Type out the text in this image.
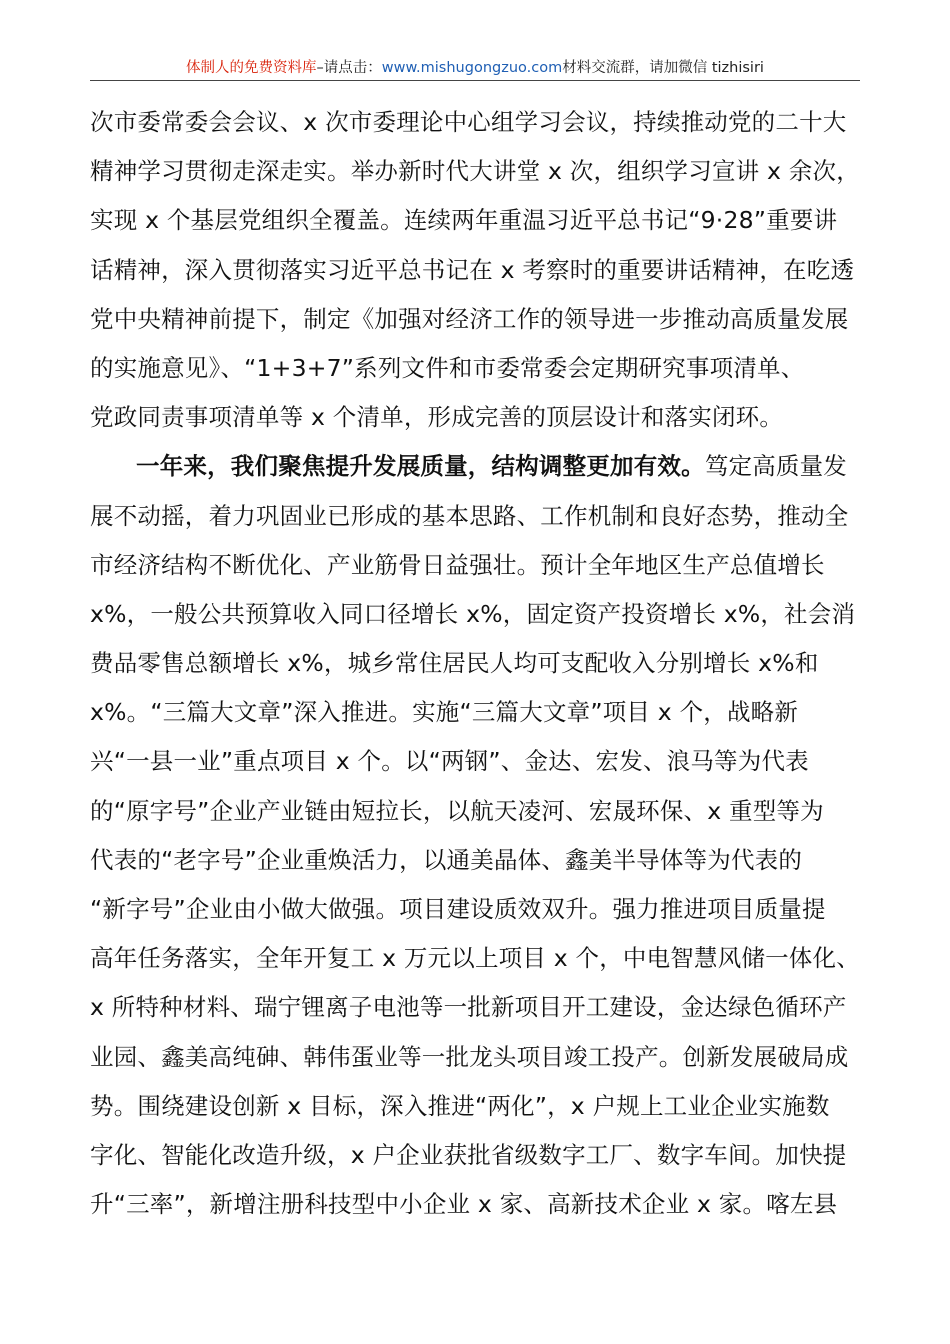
体制人的免费资料库–请点击：www.mishugongzuo.com材料交流群，请加微信 tizhisiri
次市委常委会会议、x 次市委理论中心组学习会议，持续推动党的二十大
精神学习贯彻走深走实。举办新时代大讲堂 x 次，组织学习宣讲 x 余次，
实现 x 个基层党组织全覆盖。连续两年重温习近平总书记“9·28”重要讲
话精神，深入贯彻落实习近平总书记在 x 考察时的重要讲话精神，在吃透
党中央精神前提下，制定《加强对经济工作的领导进一步推动高质量发展
的实施意见》、“1+3+7”系列文件和市委常委会定期研究事项清单、
党政同责事项清单等 x 个清单，形成完善的顶层设计和落实闭环。
一年来，我们聚焦提升发展质量，结构调整更加有效。笃定高质量发
展不动摇，着力巩固业已形成的基本思路、工作机制和良好态势，推动全
市经济结构不断优化、产业筋骨日益强壮。预计全年地区生产总值增长
x%，一般公共预算收入同口径增长 x%，固定资产投资增长 x%，社会消
费品零售总额增长 x%，城乡常住居民人均可支配收入分别增长 x%和
x%。“三篇大文章”深入推进。实施“三篇大文章”项目 x 个，战略新
兴“一县一业”重点项目 x 个。以“两钢”、金达、宏发、浪马等为代表
的“原字号”企业产业链由短拉长，以航天凌河、宏晟环保、x 重型等为
代表的“老字号”企业重焕活力，以通美晶体、鑫美半导体等为代表的
“新字号”企业由小做大做强。项目建设质效双升。强力推进项目质量提
高年任务落实，全年开复工 x 万元以上项目 x 个，中电智慧风储一体化、
x 所特种材料、瑞宁锂离子电池等一批新项目开工建设，金达绿色循环产
业园、鑫美高纯砷、韩伟蛋业等一批龙头项目竣工投产。创新发展破局成
势。围绕建设创新 x 目标，深入推进“两化”，x 户规上工业企业实施数
字化、智能化改造升级，x 户企业获批省级数字工厂、数字车间。加快提
升“三率”，新增注册科技型中小企业 x 家、高新技术企业 x 家。喀左县
